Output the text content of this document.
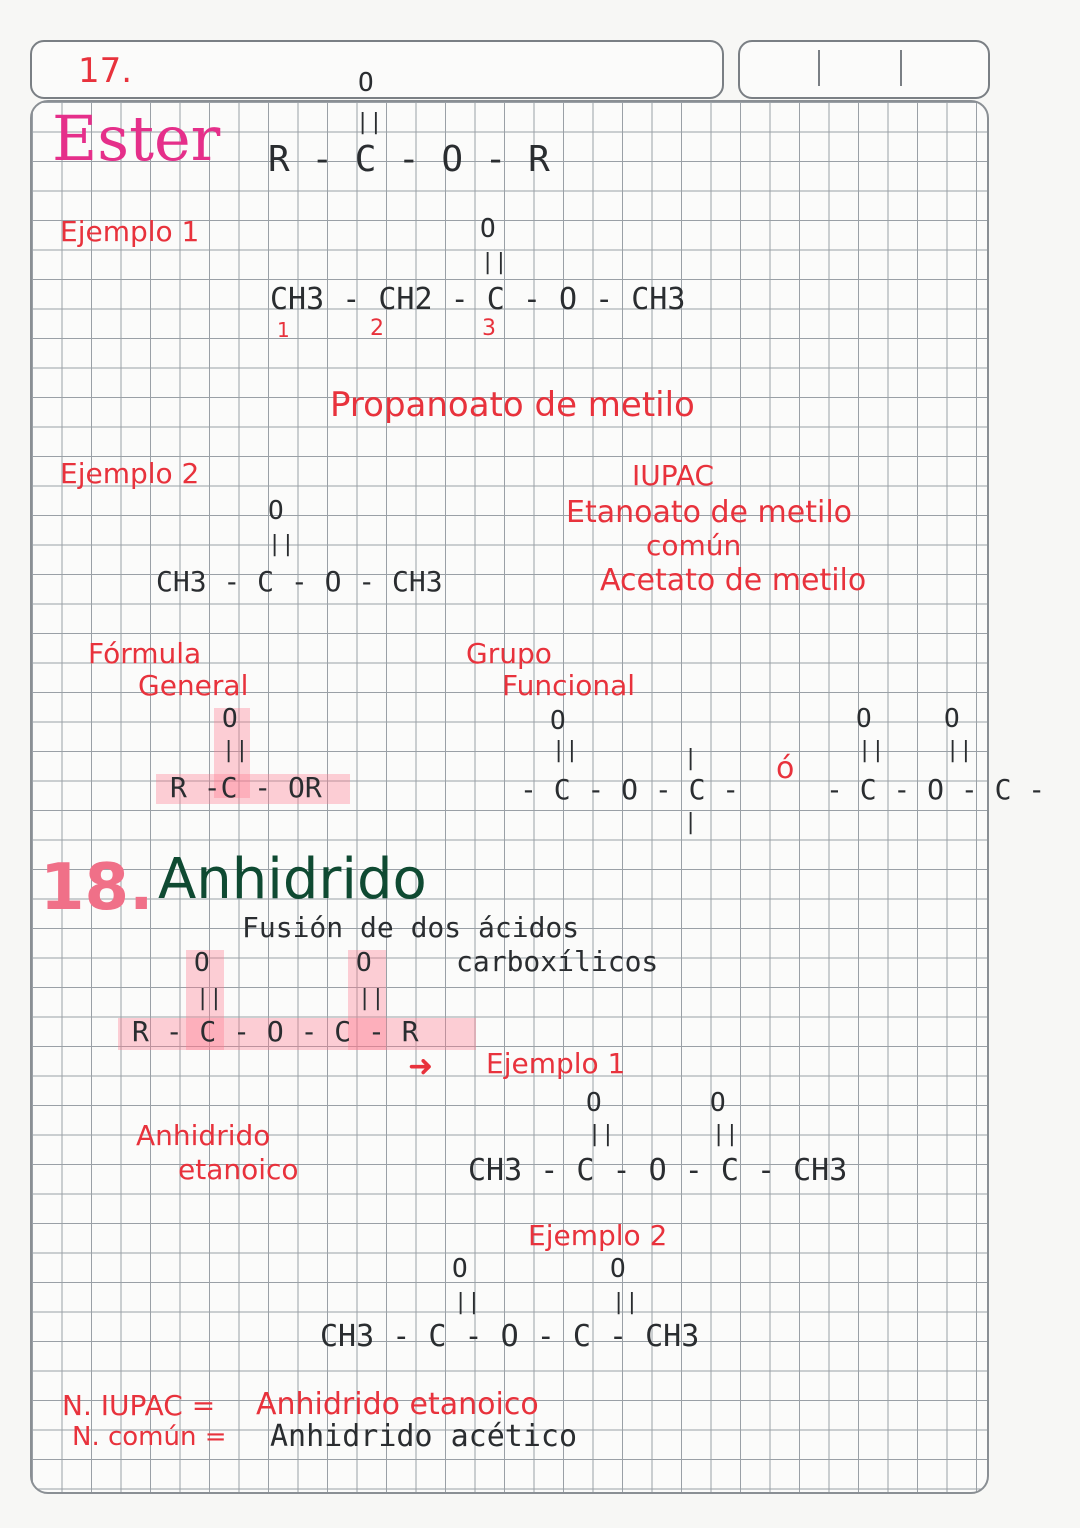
17.
Ester
O
||
R - C - O - R
Ejemplo 1	O
||
CH3 - CH2 - C - O - CH3
1	2	3
Propanoato de metilo
Ejemplo 2
O
||
CH3 - C - O - CH3
IUPAC
Etanoato de metilo
común
Acetato de metilo
Fórmula
General
O
||
R -C - OR
Grupo
Funcional
O
||
- C - O - C -
|
|
ó
O	O
||	||
- C - O - C -
18. Anhidrido
Fusión de dos ácidos
carboxílicos
O	O
||	||
R - C - O - C - R
➜ Ejemplo 1
Anhidrido
etanoico
O	O
||	||
CH3 - C - O - C - CH3
Ejemplo 2
O	O
||	||
CH3 - C - O - C - CH3
N. IUPAC = Anhidrido etanoico
N. común = Anhidrido acético
